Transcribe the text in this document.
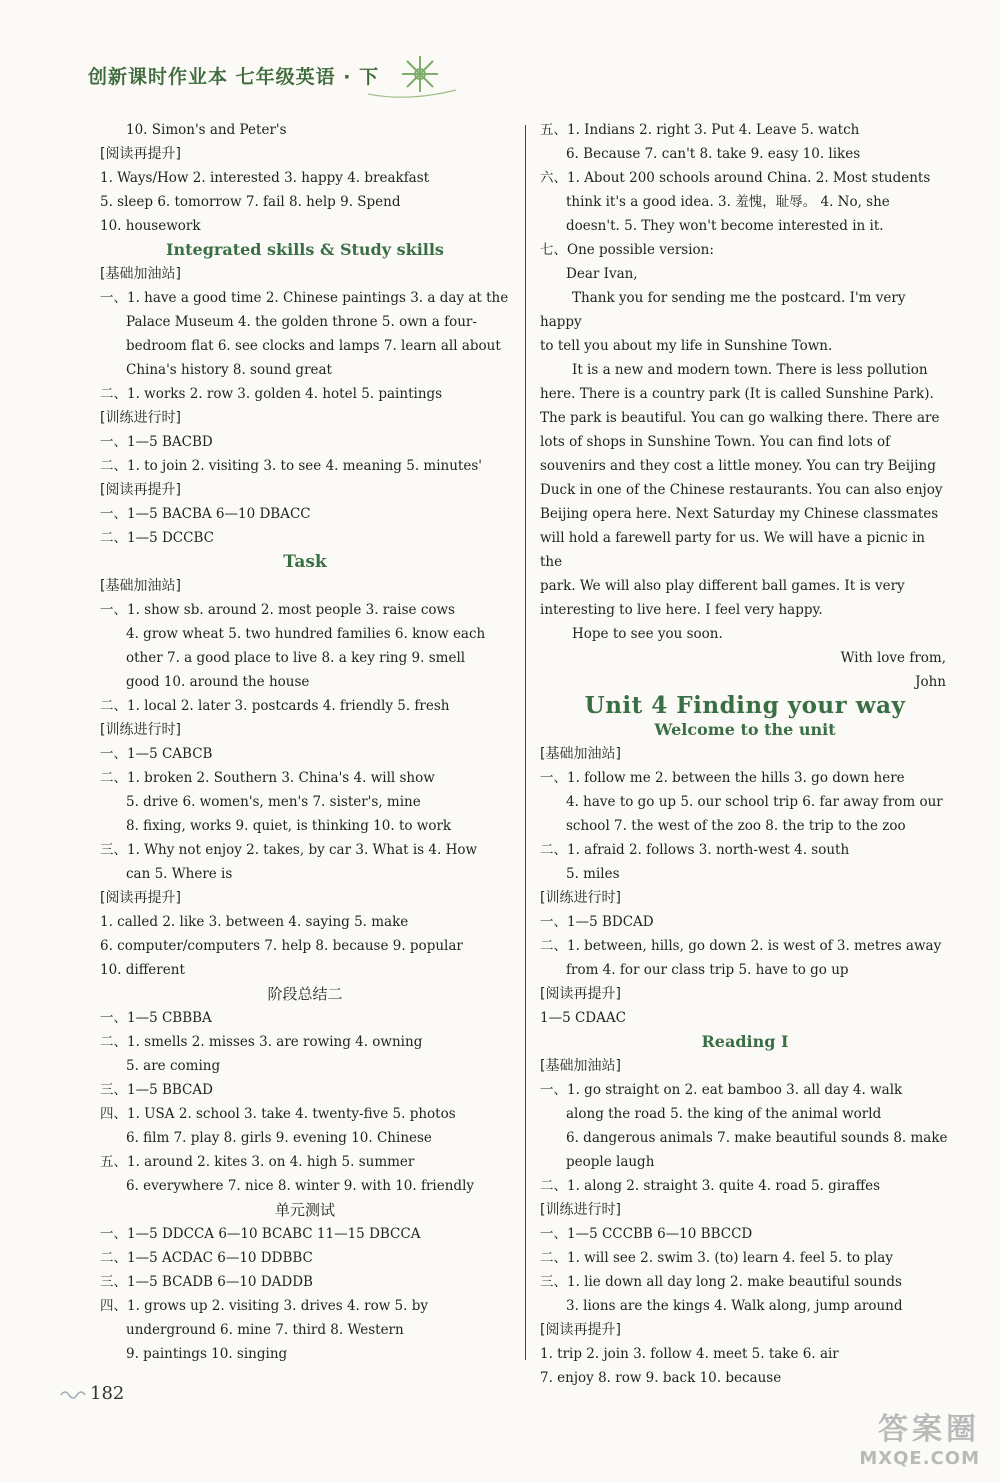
创新课时作业本 七年级英语 · 下

10. Simon's and Peter's

[阅读再提升]

1. Ways/How 2. interested 3. happy 4. breakfast

5. sleep 6. tomorrow 7. fail 8. help 9. Spend

10. housework

Integrated skills & Study skills

[基础加油站]

一、1. have a good time 2. Chinese paintings 3. a day at the

Palace Museum 4. the golden throne 5. own a four-

bedroom flat 6. see clocks and lamps 7. learn all about

China's history 8. sound great

二、1. works 2. row 3. golden 4. hotel 5. paintings

[训练进行时]

一、1—5 BACBD

二、1. to join 2. visiting 3. to see 4. meaning 5. minutes'

[阅读再提升]

一、1—5 BACBA 6—10 DBACC

二、1—5 DCCBC

Task

[基础加油站]

一、1. show sb. around 2. most people 3. raise cows

4. grow wheat 5. two hundred families 6. know each

other 7. a good place to live 8. a key ring 9. smell

good 10. around the house

二、1. local 2. later 3. postcards 4. friendly 5. fresh

[训练进行时]

一、1—5 CABCB

二、1. broken 2. Southern 3. China's 4. will show

5. drive 6. women's, men's 7. sister's, mine

8. fixing, works 9. quiet, is thinking 10. to work

三、1. Why not enjoy 2. takes, by car 3. What is 4. How

can 5. Where is

[阅读再提升]

1. called 2. like 3. between 4. saying 5. make

6. computer/computers 7. help 8. because 9. popular

10. different

阶段总结二

一、1—5 CBBBA

二、1. smells 2. misses 3. are rowing 4. owning

5. are coming

三、1—5 BBCAD

四、1. USA 2. school 3. take 4. twenty-five 5. photos

6. film 7. play 8. girls 9. evening 10. Chinese

五、1. around 2. kites 3. on 4. high 5. summer

6. everywhere 7. nice 8. winter 9. with 10. friendly

单元测试

一、1—5 DDCCA 6—10 BCABC 11—15 DBCCA

二、1—5 ACDAC 6—10 DDBBC

三、1—5 BCADB 6—10 DADDB

四、1. grows up 2. visiting 3. drives 4. row 5. by

underground 6. mine 7. third 8. Western

9. paintings 10. singing

五、1. Indians 2. right 3. Put 4. Leave 5. watch

6. Because 7. can't 8. take 9. easy 10. likes

六、1. About 200 schools around China. 2. Most students

think it's a good idea. 3. 羞愧，耻辱。 4. No, she

doesn't. 5. They won't become interested in it.

七、One possible version:

Dear Ivan,

Thank you for sending me the postcard. I'm very happy

to tell you about my life in Sunshine Town.

It is a new and modern town. There is less pollution

here. There is a country park (It is called Sunshine Park).

The park is beautiful. You can go walking there. There are

lots of shops in Sunshine Town. You can find lots of

souvenirs and they cost a little money. You can try Beijing

Duck in one of the Chinese restaurants. You can also enjoy

Beijing opera here. Next Saturday my Chinese classmates

will hold a farewell party for us. We will have a picnic in the

park. We will also play different ball games. It is very

interesting to live here. I feel very happy.

Hope to see you soon.

With love from,

John

Unit 4 Finding your way

Welcome to the unit

[基础加油站]

一、1. follow me 2. between the hills 3. go down here

4. have to go up 5. our school trip 6. far away from our

school 7. the west of the zoo 8. the trip to the zoo

二、1. afraid 2. follows 3. north-west 4. south

5. miles

[训练进行时]

一、1—5 BDCAD

二、1. between, hills, go down 2. is west of 3. metres away

from 4. for our class trip 5. have to go up

[阅读再提升]

1—5 CDAAC

Reading I

[基础加油站]

一、1. go straight on 2. eat bamboo 3. all day 4. walk

along the road 5. the king of the animal world

6. dangerous animals 7. make beautiful sounds 8. make

people laugh

二、1. along 2. straight 3. quite 4. road 5. giraffes

[训练进行时]

一、1—5 CCCBB 6—10 BBCCD

二、1. will see 2. swim 3. (to) learn 4. feel 5. to play

三、1. lie down all day long 2. make beautiful sounds

3. lions are the kings 4. Walk along, jump around

[阅读再提升]

1. trip 2. join 3. follow 4. meet 5. take 6. air

7. enjoy 8. row 9. back 10. because

182
答案圈
MXQE.COM
